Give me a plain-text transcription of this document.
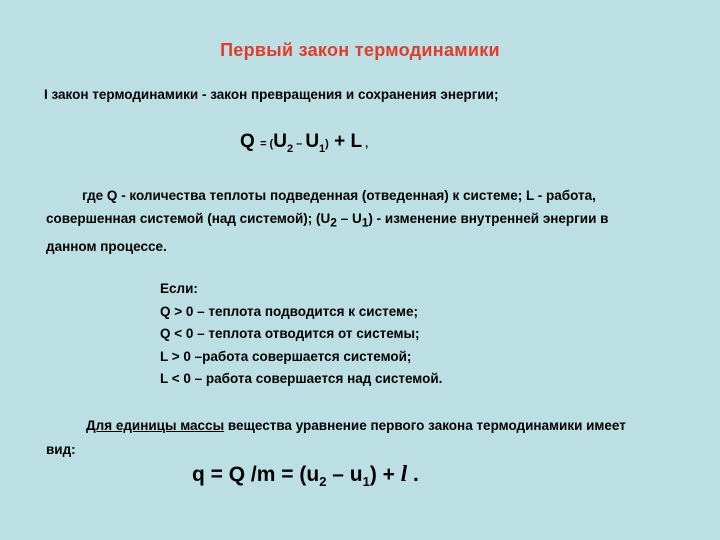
Первый закон термодинамики
I закон термодинамики - закон превращения и сохранения энергии;
$Q = (U_2 - U_1) + L$ ,
где Q - количества теплоты подведенная (отведенная) к системе; L - работа,
совершенная системой (над системой); $(U_2 - U_1)$ - изменение внутренней энергии в
данном процессе.
Если:
Q > 0 – теплота подводится к системе;
Q < 0 – теплота отводится от системы;
L > 0 –работа совершается системой;
L < 0 – работа совершается над системой.
Для единицы массы вещества уравнение первого закона термодинамики имеет
вид:
q = Q $/m = (u_2 - u_1) + l$ .
